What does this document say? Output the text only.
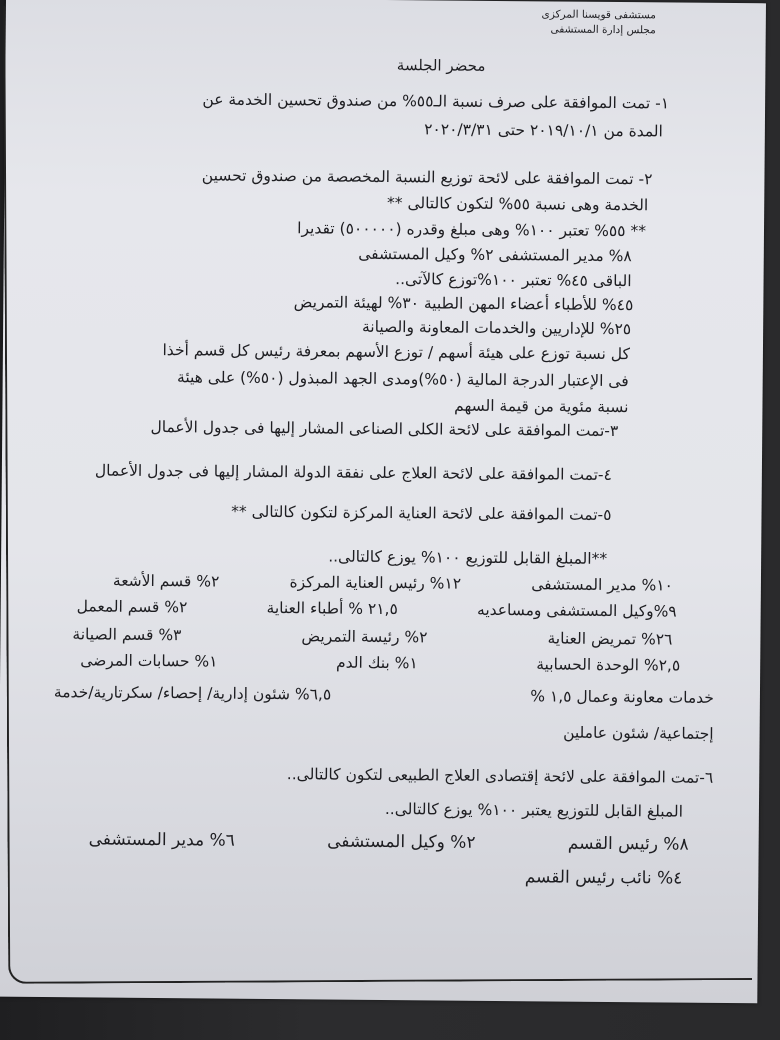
مستشفى قويسنا المركزى
مجلس إدارة المستشفى
محضر الجلسة
١- تمت الموافقة على صرف نسبة الـ٥٥% من صندوق تحسين الخدمة عن
المدة من ٢٠١٩/١٠/١ حتى ٢٠٢٠/٣/٣١
٢- تمت الموافقة على لائحة توزيع النسبة المخصصة من صندوق تحسين
الخدمة وهى نسبة ٥٥% لتكون كالتالى **
** ٥٥% تعتبر ١٠٠% وهى مبلغ وقدره (٥٠٠٠٠٠) تقديرا
٨% مدير المستشفى ٢% وكيل المستشفى
الباقى ٤٥% تعتبر ١٠٠%توزع كالآتى..
٤٥% للأطباء أعضاء المهن الطبية ٣٠% لهيئة التمريض
٢٥% للإداريين والخدمات المعاونة والصيانة
كل نسبة توزع على هيئة أسهم / توزع الأسهم بمعرفة رئيس كل قسم أخذا
فى الإعتبار الدرجة المالية (٥٠%)ومدى الجهد المبذول (٥٠%) على هيئة
نسبة مئوية من قيمة السهم
٣-تمت الموافقة على لائحة الكلى الصناعى المشار إليها فى جدول الأعمال
٤-تمت الموافقة على لائحة العلاج على نفقة الدولة المشار إليها فى جدول الأعمال
٥-تمت الموافقة على لائحة العناية المركزة لتكون كالتالى **
**المبلغ القابل للتوزيع ١٠٠% يوزع كالتالى..
١٠% مدير المستشفى
١٢% رئيس العناية المركزة
٢% قسم الأشعة
٩%وكيل المستشفى ومساعديه
٢١,٥ % أطباء العناية
٢% قسم المعمل
٢٦% تمريض العناية
٢% رئيسة التمريض
٣% قسم الصيانة
٢,٥% الوحدة الحسابية
١% بنك الدم
١% حسابات المرضى
خدمات معاونة وعمال ١,٥ %
٦,٥% شئون إدارية/ إحصاء/ سكرتارية/خدمة
إجتماعية/ شئون عاملين
٦-تمت الموافقة على لائحة إقتصادى العلاج الطبيعى لتكون كالتالى..
المبلغ القابل للتوزيع يعتبر ١٠٠% يوزع كالتالى..
٨% رئيس القسم
٢% وكيل المستشفى
٦% مدير المستشفى
٤% نائب رئيس القسم
